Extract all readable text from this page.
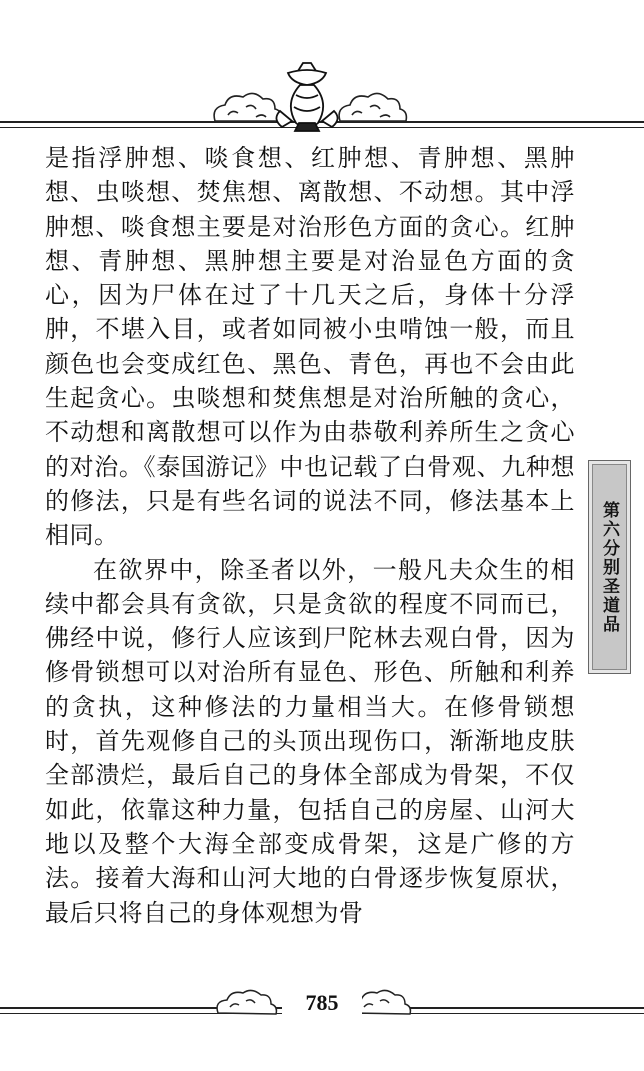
是指浮肿想、啖食想、红肿想、青肿想、黑肿想、虫啖想、焚焦想、离散想、不动想。其中浮肿想、啖食想主要是对治形色方面的贪心。红肿想、青肿想、黑肿想主要是对治显色方面的贪心，因为尸体在过了十几天之后，身体十分浮肿，不堪入目，或者如同被小虫啃蚀一般，而且颜色也会变成红色、黑色、青色，再也不会由此生起贪心。虫啖想和焚焦想是对治所触的贪心，不动想和离散想可以作为由恭敬利养所生之贪心的对治。《泰国游记》中也记载了白骨观、九种想的修法，只是有些名词的说法不同，修法基本上相同。

在欲界中，除圣者以外，一般凡夫众生的相续中都会具有贪欲，只是贪欲的程度不同而已，佛经中说，修行人应该到尸陀林去观白骨，因为修骨锁想可以对治所有显色、形色、所触和利养的贪执，这种修法的力量相当大。在修骨锁想时，首先观修自己的头顶出现伤口，渐渐地皮肤全部溃烂，最后自己的身体全部成为骨架，不仅如此，依靠这种力量，包括自己的房屋、山河大地以及整个大海全部变成骨架，这是广修的方法。接着大海和山河大地的白骨逐步恢复原状，最后只将自己的身体观想为骨

第六分别圣道品
785
